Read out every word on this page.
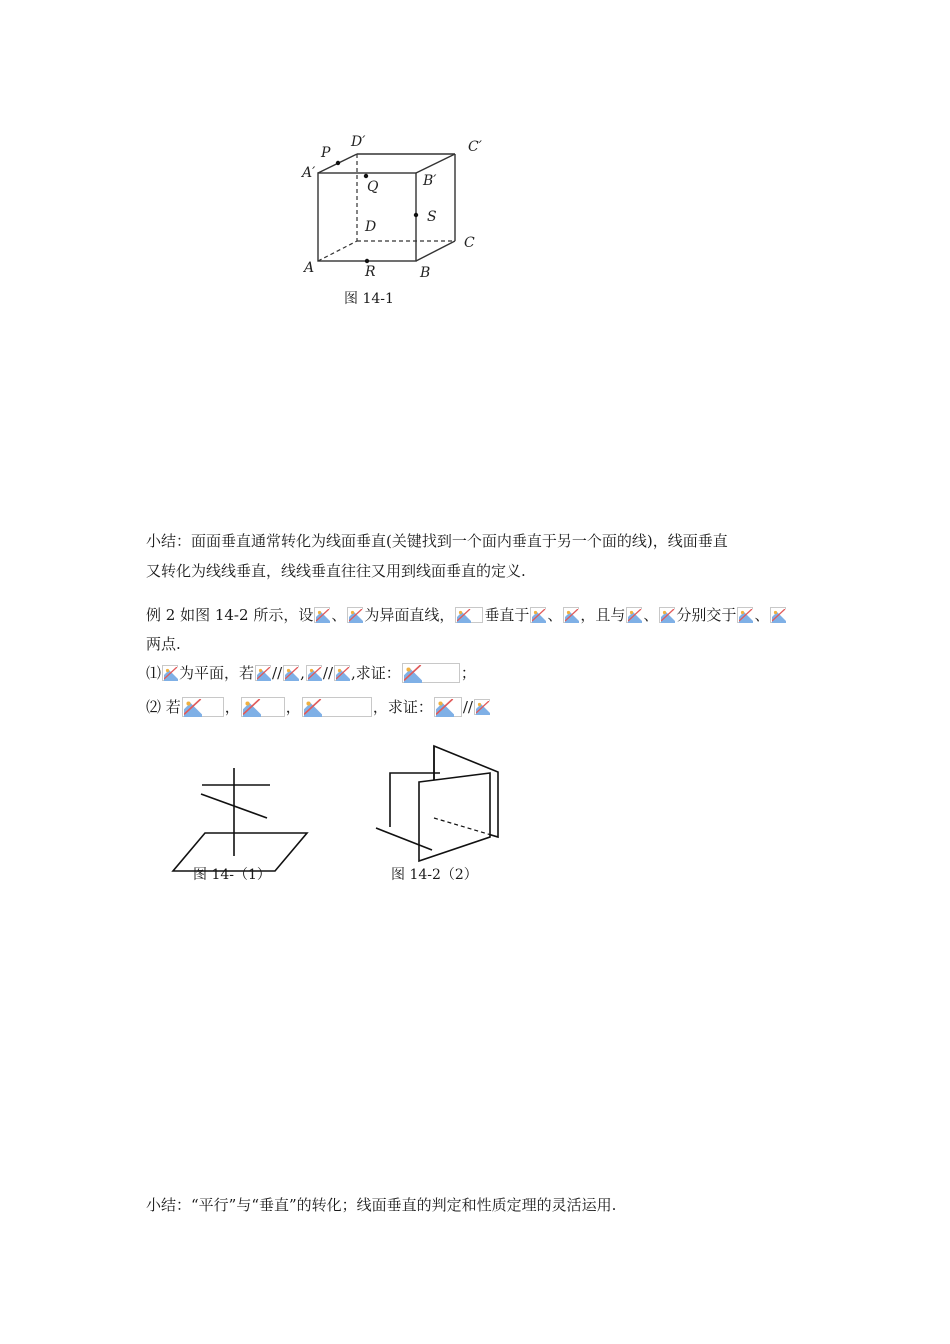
P
D′	C′
A′
Q	B′
D
S
C
A	R	B
图 14-1
小结：面面垂直通常转化为线面垂直(关键找到一个面内垂直于另一个面的线)，线面垂直
又转化为线线垂直，线线垂直往往又用到线面垂直的定义.
例 2 如图 14-2 所示，设 、 为异面直线， 垂直于 、 ，且与 、 分别交于 、
两点.
⑴ 为平面，若 // , // ,求证：	；
⑵ 若	，	，	，求证： //
图 14-（1）	图 14-2（2）
小结：“平行”与“垂直”的转化；线面垂直的判定和性质定理的灵活运用.
